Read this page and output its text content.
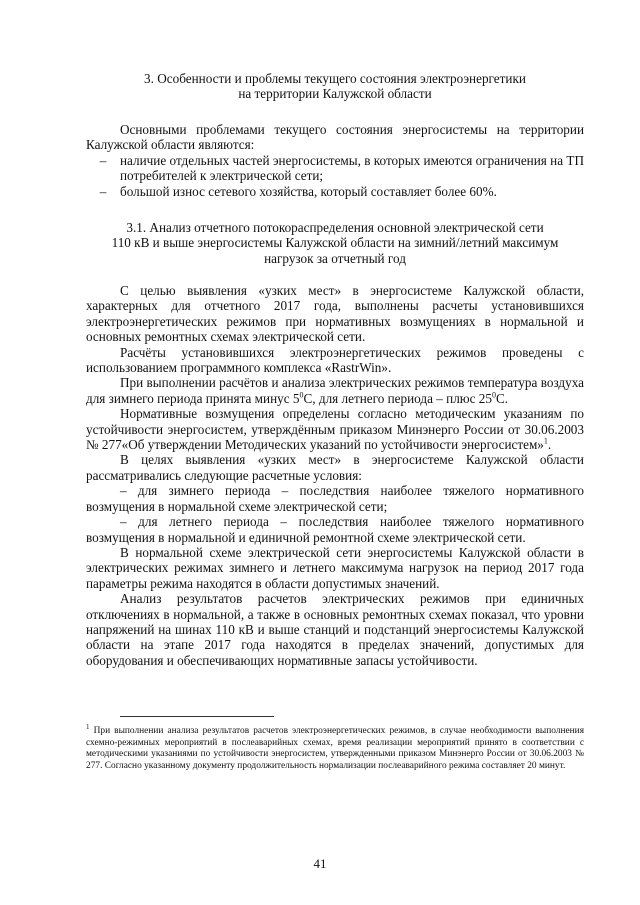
3. Особенности и проблемы текущего состояния электроэнергетики
на территории Калужской области
Основными проблемами текущего состояния энергосистемы на территории Калужской области являются:
–	наличие отдельных частей энергосистемы, в которых имеются ограничения на ТП потребителей к электрической сети;
–	большой износ сетевого хозяйства, который составляет более 60%.
3.1. Анализ отчетного потокораспределения основной электрической сети
110 кВ и выше энергосистемы Калужской области на зимний/летний максимум
нагрузок за отчетный год

С целью выявления «узких мест» в энергосистеме Калужской области, характерных для отчетного 2017 года, выполнены расчеты установившихся электроэнергетических режимов при нормативных возмущениях в нормальной и основных ремонтных схемах электрической сети.

Расчёты установившихся электроэнергетических режимов проведены с использованием программного комплекса «RastrWin».

При выполнении расчётов и анализа электрических режимов температура воздуха для зимнего периода принята минус $5^0С$, для летнего периода – плюс $25^0С$.

Нормативные возмущения определены согласно методическим указаниям по устойчивости энергосистем, утверждённым приказом Минэнерго России от 30.06.2003 № 277«Об утверждении Методических указаний по устойчивости энергосистем»$^1$.

В целях выявления «узких мест» в энергосистеме Калужской области рассматривались следующие расчетные условия:

– для зимнего периода – последствия наиболее тяжелого нормативного возмущения в нормальной схеме электрической сети;

– для летнего периода – последствия наиболее тяжелого нормативного возмущения в нормальной и единичной ремонтной схеме электрической сети.

В нормальной схеме электрической сети энергосистемы Калужской области в электрических режимах зимнего и летнего максимума нагрузок на период 2017 года параметры режима находятся в области допустимых значений.

Анализ результатов расчетов электрических режимов при единичных отключениях в нормальной, а также в основных ремонтных схемах показал, что уровни напряжений на шинах 110 кВ и выше станций и подстанций энергосистемы Калужской области на этапе 2017 года находятся в пределах значений, допустимых для оборудования и обеспечивающих нормативные запасы устойчивости.

$^1$ При выполнении анализа результатов расчетов электроэнергетических режимов, в случае необходимости выполнения схемно-режимных мероприятий в послеаварийных схемах, время реализации мероприятий принято в соответствии с методическими указаниями по устойчивости энергосистем, утвержденными приказом Минэнерго России от 30.06.2003 № 277. Согласно указанному документу продолжительность нормализации послеаварийного режима составляет 20 минут.
41
